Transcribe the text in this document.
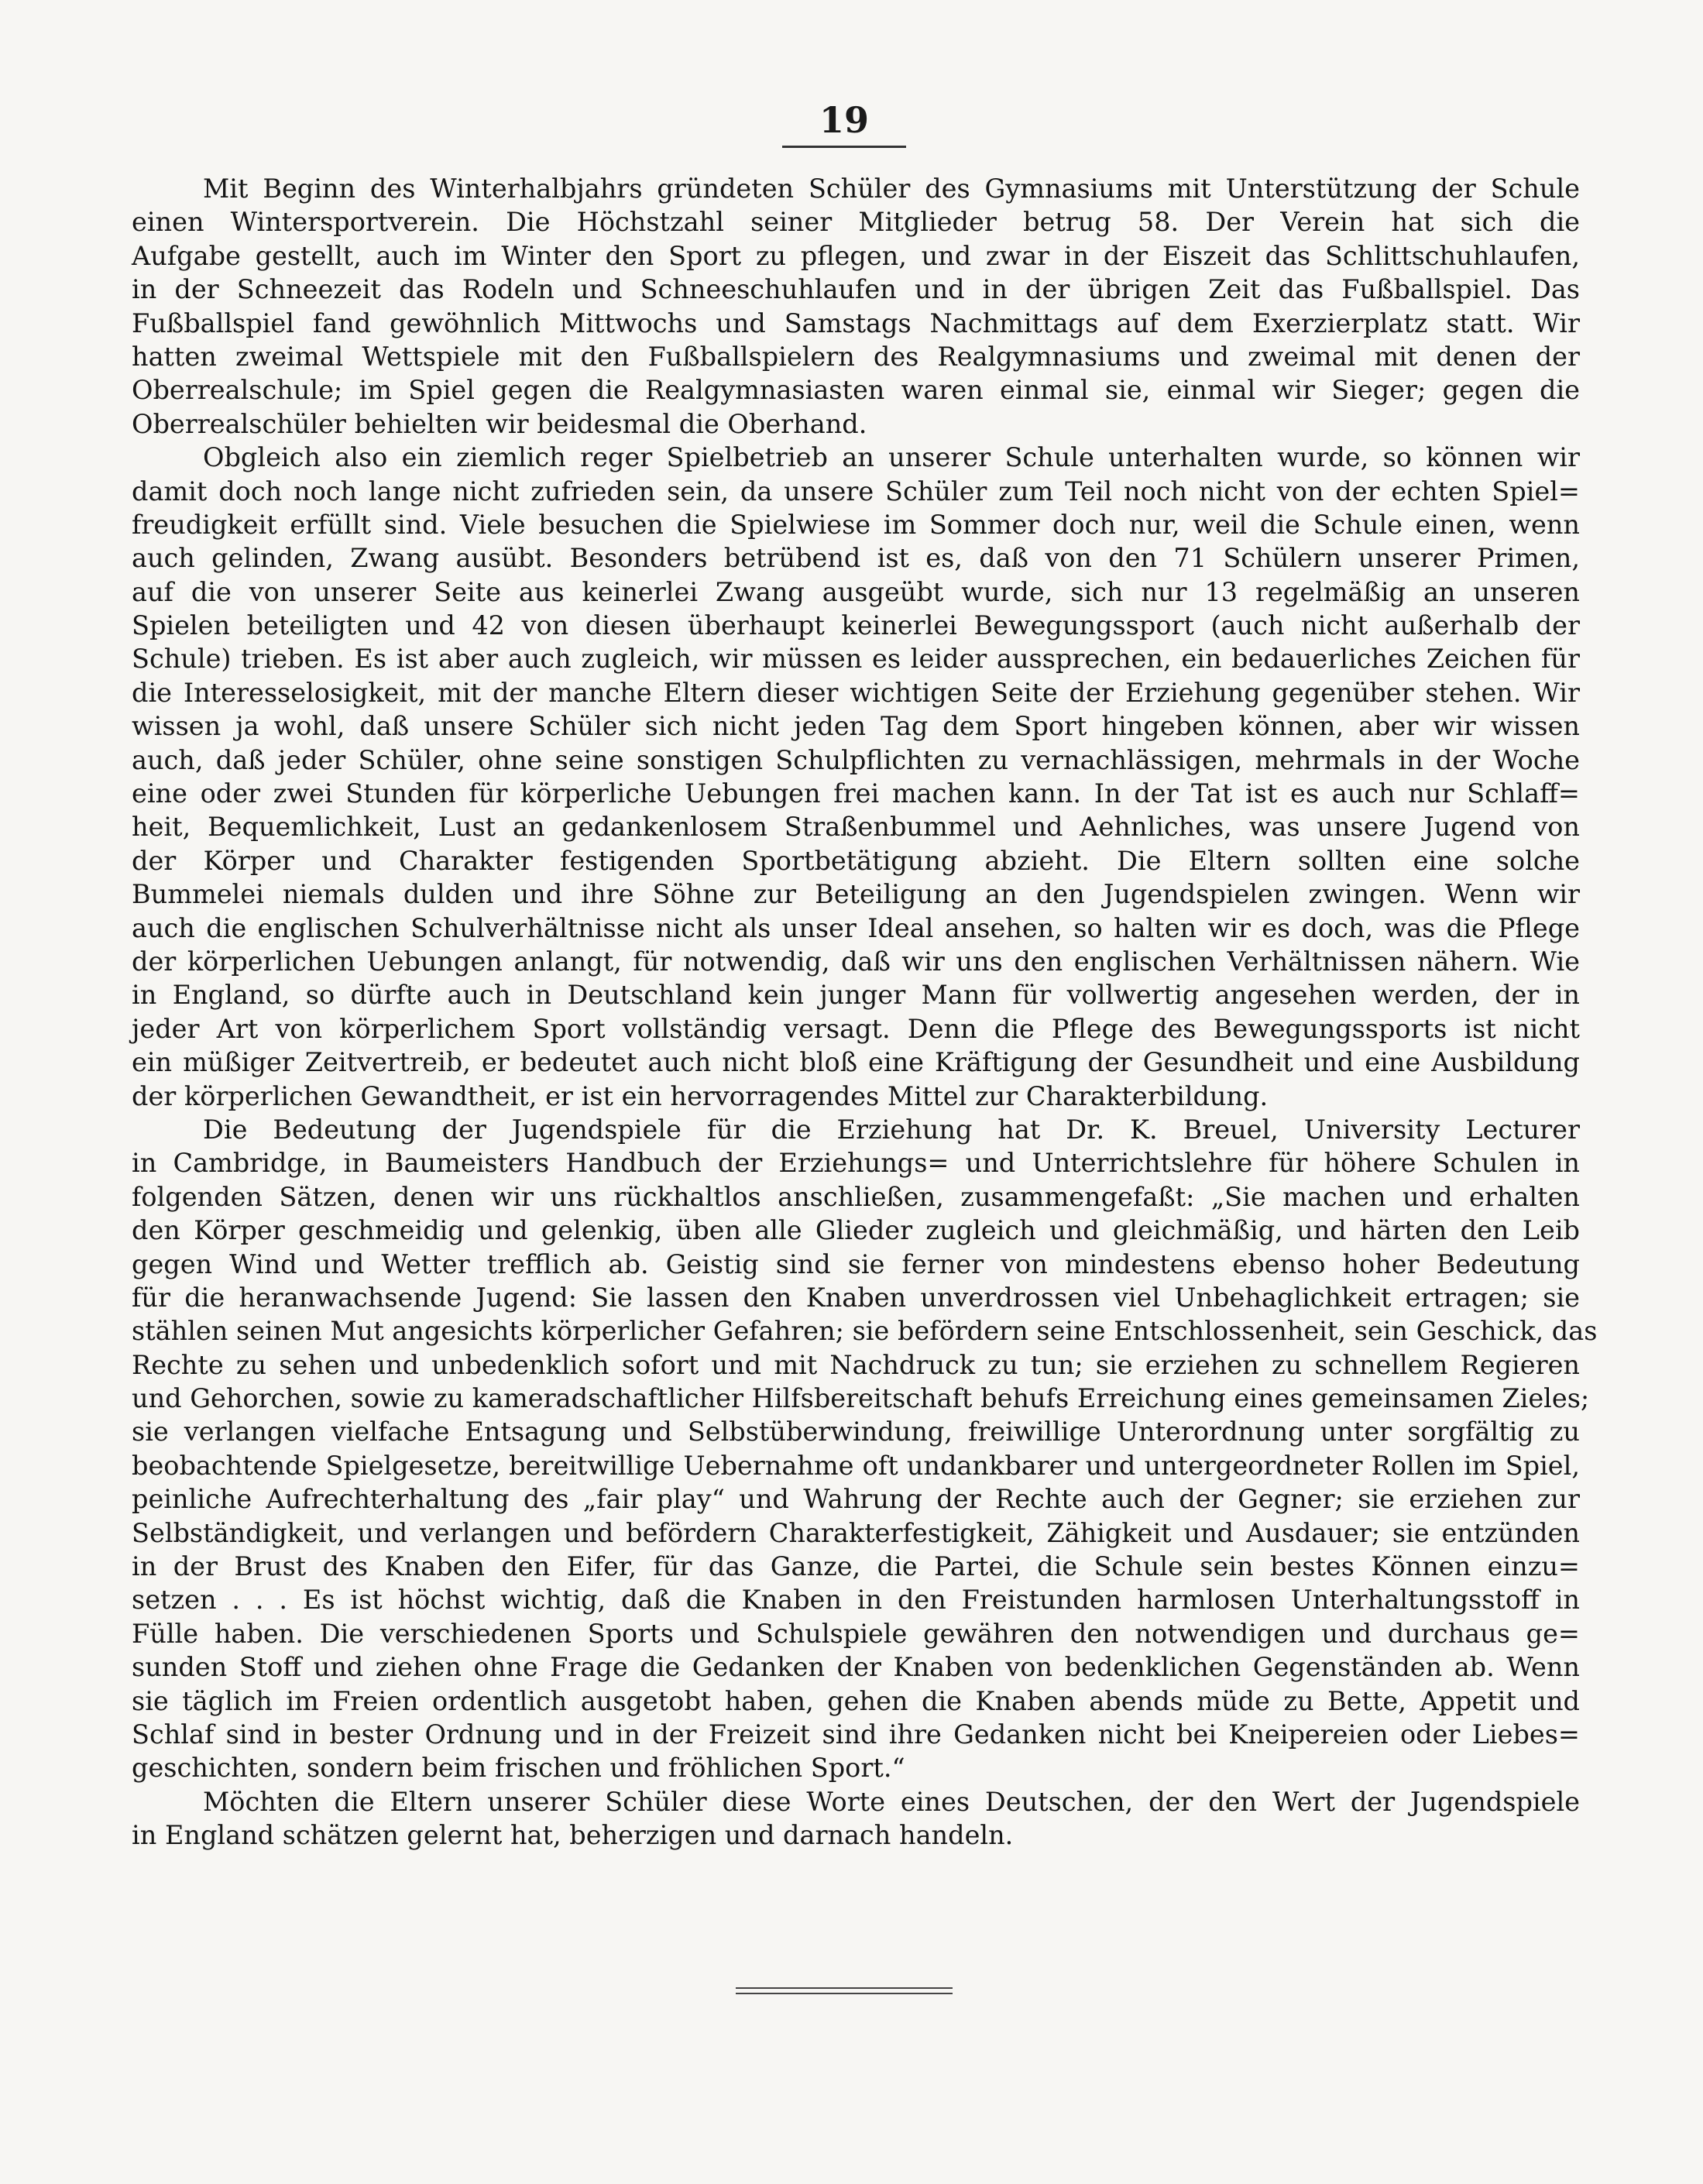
19
Mit Beginn des Winterhalbjahrs gründeten Schüler des Gymnasiums mit Unterstützung der Schule
einen Wintersportverein. Die Höchstzahl seiner Mitglieder betrug 58. Der Verein hat sich die
Aufgabe gestellt, auch im Winter den Sport zu pflegen, und zwar in der Eiszeit das Schlittschuhlaufen,
in der Schneezeit das Rodeln und Schneeschuhlaufen und in der übrigen Zeit das Fußballspiel. Das
Fußballspiel fand gewöhnlich Mittwochs und Samstags Nachmittags auf dem Exerzierplatz statt. Wir
hatten zweimal Wettspiele mit den Fußballspielern des Realgymnasiums und zweimal mit denen der
Oberrealschule; im Spiel gegen die Realgymnasiasten waren einmal sie, einmal wir Sieger; gegen die
Oberrealschüler behielten wir beidesmal die Oberhand.
Obgleich also ein ziemlich reger Spielbetrieb an unserer Schule unterhalten wurde, so können wir
damit doch noch lange nicht zufrieden sein, da unsere Schüler zum Teil noch nicht von der echten Spiel=
freudigkeit erfüllt sind. Viele besuchen die Spielwiese im Sommer doch nur, weil die Schule einen, wenn
auch gelinden, Zwang ausübt. Besonders betrübend ist es, daß von den 71 Schülern unserer Primen,
auf die von unserer Seite aus keinerlei Zwang ausgeübt wurde, sich nur 13 regelmäßig an unseren
Spielen beteiligten und 42 von diesen überhaupt keinerlei Bewegungssport (auch nicht außerhalb der
Schule) trieben. Es ist aber auch zugleich, wir müssen es leider aussprechen, ein bedauerliches Zeichen für
die Interesselosigkeit, mit der manche Eltern dieser wichtigen Seite der Erziehung gegenüber stehen. Wir
wissen ja wohl, daß unsere Schüler sich nicht jeden Tag dem Sport hingeben können, aber wir wissen
auch, daß jeder Schüler, ohne seine sonstigen Schulpflichten zu vernachlässigen, mehrmals in der Woche
eine oder zwei Stunden für körperliche Uebungen frei machen kann. In der Tat ist es auch nur Schlaff=
heit, Bequemlichkeit, Lust an gedankenlosem Straßenbummel und Aehnliches, was unsere Jugend von
der Körper und Charakter festigenden Sportbetätigung abzieht. Die Eltern sollten eine solche
Bummelei niemals dulden und ihre Söhne zur Beteiligung an den Jugendspielen zwingen. Wenn wir
auch die englischen Schulverhältnisse nicht als unser Ideal ansehen, so halten wir es doch, was die Pflege
der körperlichen Uebungen anlangt, für notwendig, daß wir uns den englischen Verhältnissen nähern. Wie
in England, so dürfte auch in Deutschland kein junger Mann für vollwertig angesehen werden, der in
jeder Art von körperlichem Sport vollständig versagt. Denn die Pflege des Bewegungssports ist nicht
ein müßiger Zeitvertreib, er bedeutet auch nicht bloß eine Kräftigung der Gesundheit und eine Ausbildung
der körperlichen Gewandtheit, er ist ein hervorragendes Mittel zur Charakterbildung.
Die Bedeutung der Jugendspiele für die Erziehung hat Dr. K. Breuel, University Lecturer
in Cambridge, in Baumeisters Handbuch der Erziehungs= und Unterrichtslehre für höhere Schulen in
folgenden Sätzen, denen wir uns rückhaltlos anschließen, zusammengefaßt: „Sie machen und erhalten
den Körper geschmeidig und gelenkig, üben alle Glieder zugleich und gleichmäßig, und härten den Leib
gegen Wind und Wetter trefflich ab. Geistig sind sie ferner von mindestens ebenso hoher Bedeutung
für die heranwachsende Jugend: Sie lassen den Knaben unverdrossen viel Unbehaglichkeit ertragen; sie
stählen seinen Mut angesichts körperlicher Gefahren; sie befördern seine Entschlossenheit, sein Geschick, das
Rechte zu sehen und unbedenklich sofort und mit Nachdruck zu tun; sie erziehen zu schnellem Regieren
und Gehorchen, sowie zu kameradschaftlicher Hilfsbereitschaft behufs Erreichung eines gemeinsamen Zieles;
sie verlangen vielfache Entsagung und Selbstüberwindung, freiwillige Unterordnung unter sorgfältig zu
beobachtende Spielgesetze, bereitwillige Uebernahme oft undankbarer und untergeordneter Rollen im Spiel,
peinliche Aufrechterhaltung des „fair play“ und Wahrung der Rechte auch der Gegner; sie erziehen zur
Selbständigkeit, und verlangen und befördern Charakterfestigkeit, Zähigkeit und Ausdauer; sie entzünden
in der Brust des Knaben den Eifer, für das Ganze, die Partei, die Schule sein bestes Können einzu=
setzen . . . Es ist höchst wichtig, daß die Knaben in den Freistunden harmlosen Unterhaltungsstoff in
Fülle haben. Die verschiedenen Sports und Schulspiele gewähren den notwendigen und durchaus ge=
sunden Stoff und ziehen ohne Frage die Gedanken der Knaben von bedenklichen Gegenständen ab. Wenn
sie täglich im Freien ordentlich ausgetobt haben, gehen die Knaben abends müde zu Bette, Appetit und
Schlaf sind in bester Ordnung und in der Freizeit sind ihre Gedanken nicht bei Kneipereien oder Liebes=
geschichten, sondern beim frischen und fröhlichen Sport.“
Möchten die Eltern unserer Schüler diese Worte eines Deutschen, der den Wert der Jugendspiele
in England schätzen gelernt hat, beherzigen und darnach handeln.
